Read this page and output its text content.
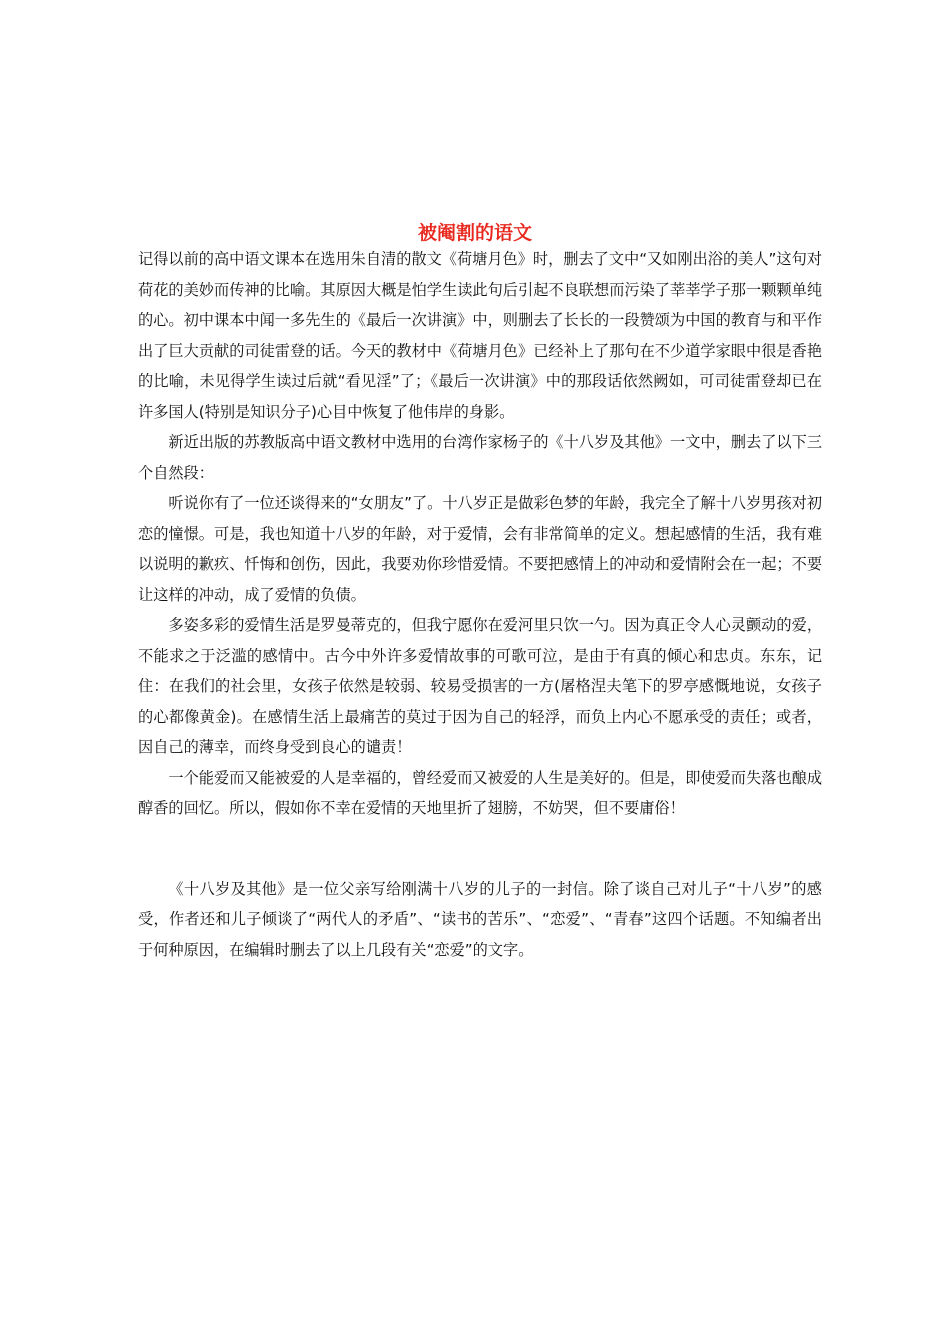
被阉割的语文

记得以前的高中语文课本在选用朱自清的散文《荷塘月色》时，删去了文中“又如刚出浴的美人”这句对荷花的美妙而传神的比喻。其原因大概是怕学生读此句后引起不良联想而污染了莘莘学子那一颗颗单纯的心。初中课本中闻一多先生的《最后一次讲演》中，则删去了长长的一段赞颂为中国的教育与和平作出了巨大贡献的司徒雷登的话。今天的教材中《荷塘月色》已经补上了那句在不少道学家眼中很是香艳的比喻，未见得学生读过后就“看见淫”了；《最后一次讲演》中的那段话依然阙如，可司徒雷登却已在许多国人(特别是知识分子)心目中恢复了他伟岸的身影。

新近出版的苏教版高中语文教材中选用的台湾作家杨子的《十八岁及其他》一文中，删去了以下三个自然段：

听说你有了一位还谈得来的“女朋友”了。十八岁正是做彩色梦的年龄，我完全了解十八岁男孩对初恋的憧憬。可是，我也知道十八岁的年龄，对于爱情，会有非常简单的定义。想起感情的生活，我有难以说明的歉疚、忏悔和创伤，因此，我要劝你珍惜爱情。不要把感情上的冲动和爱情附会在一起；不要让这样的冲动，成了爱情的负债。

多姿多彩的爱情生活是罗曼蒂克的，但我宁愿你在爱河里只饮一勺。因为真正令人心灵颤动的爱，不能求之于泛滥的感情中。古今中外许多爱情故事的可歌可泣，是由于有真的倾心和忠贞。东东，记住：在我们的社会里，女孩子依然是较弱、较易受损害的一方(屠格涅夫笔下的罗亭感慨地说，女孩子的心都像黄金)。在感情生活上最痛苦的莫过于因为自己的轻浮，而负上内心不愿承受的责任；或者，因自己的薄幸，而终身受到良心的谴责！

一个能爱而又能被爱的人是幸福的，曾经爱而又被爱的人生是美好的。但是，即使爱而失落也酿成醇香的回忆。所以，假如你不幸在爱情的天地里折了翅膀，不妨哭，但不要庸俗！

《十八岁及其他》是一位父亲写给刚满十八岁的儿子的一封信。除了谈自己对儿子“十八岁”的感受，作者还和儿子倾谈了“两代人的矛盾”、“读书的苦乐”、“恋爱”、“青春”这四个话题。不知编者出于何种原因，在编辑时删去了以上几段有关“恋爱”的文字。
